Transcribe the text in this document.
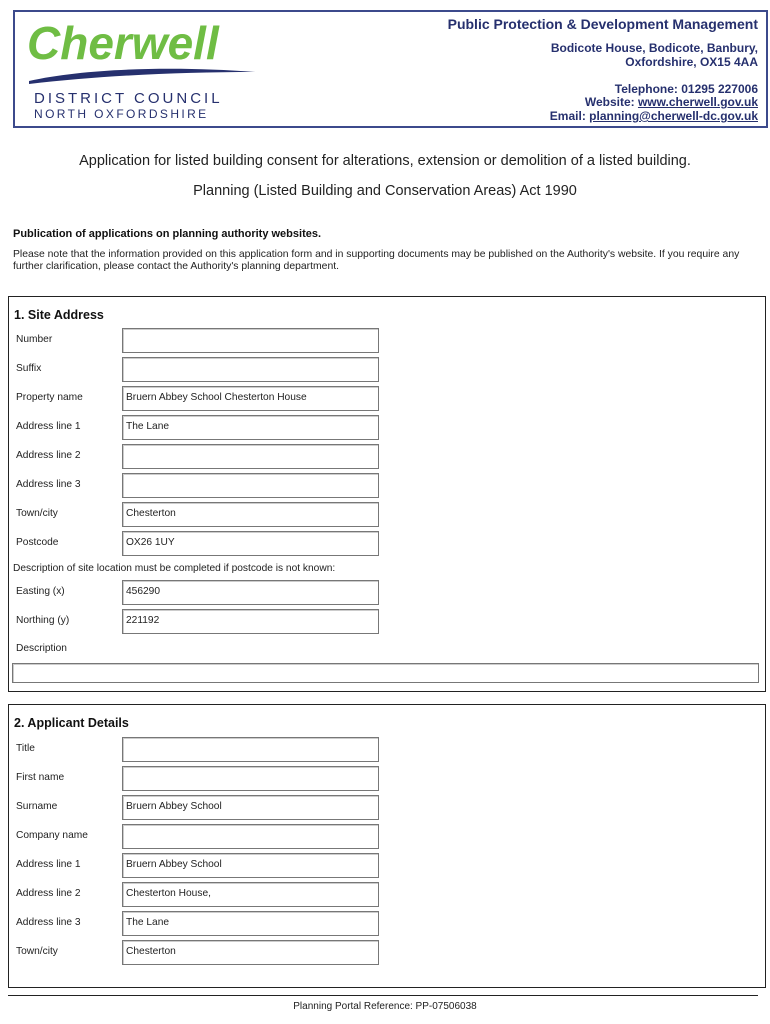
Cherwell
DISTRICT COUNCIL
NORTH OXFORDSHIRE
Public Protection & Development Management
Bodicote House, Bodicote, Banbury,
Oxfordshire, OX15 4AA
Telephone: 01295 227006
Website: www.cherwell.gov.uk
Email: planning@cherwell-dc.gov.uk
Application for listed building consent for alterations, extension or demolition of a listed building.
Planning (Listed Building and Conservation Areas) Act 1990
Publication of applications on planning authority websites.
Please note that the information provided on this application form and in supporting documents may be published on the Authority's website. If you require any further clarification, please contact the Authority's planning department.
1. Site Address
Number
Suffix
Property name	Bruern Abbey School Chesterton House
Address line 1	The Lane
Address line 2
Address line 3
Town/city	Chesterton
Postcode	OX26 1UY
Description of site location must be completed if postcode is not known:
Easting (x)	456290
Northing (y)	221192
Description
2. Applicant Details
Title
First name
Surname	Bruern Abbey School
Company name
Address line 1	Bruern Abbey School
Address line 2	Chesterton House,
Address line 3	The Lane
Town/city	Chesterton
Planning Portal Reference: PP-07506038
